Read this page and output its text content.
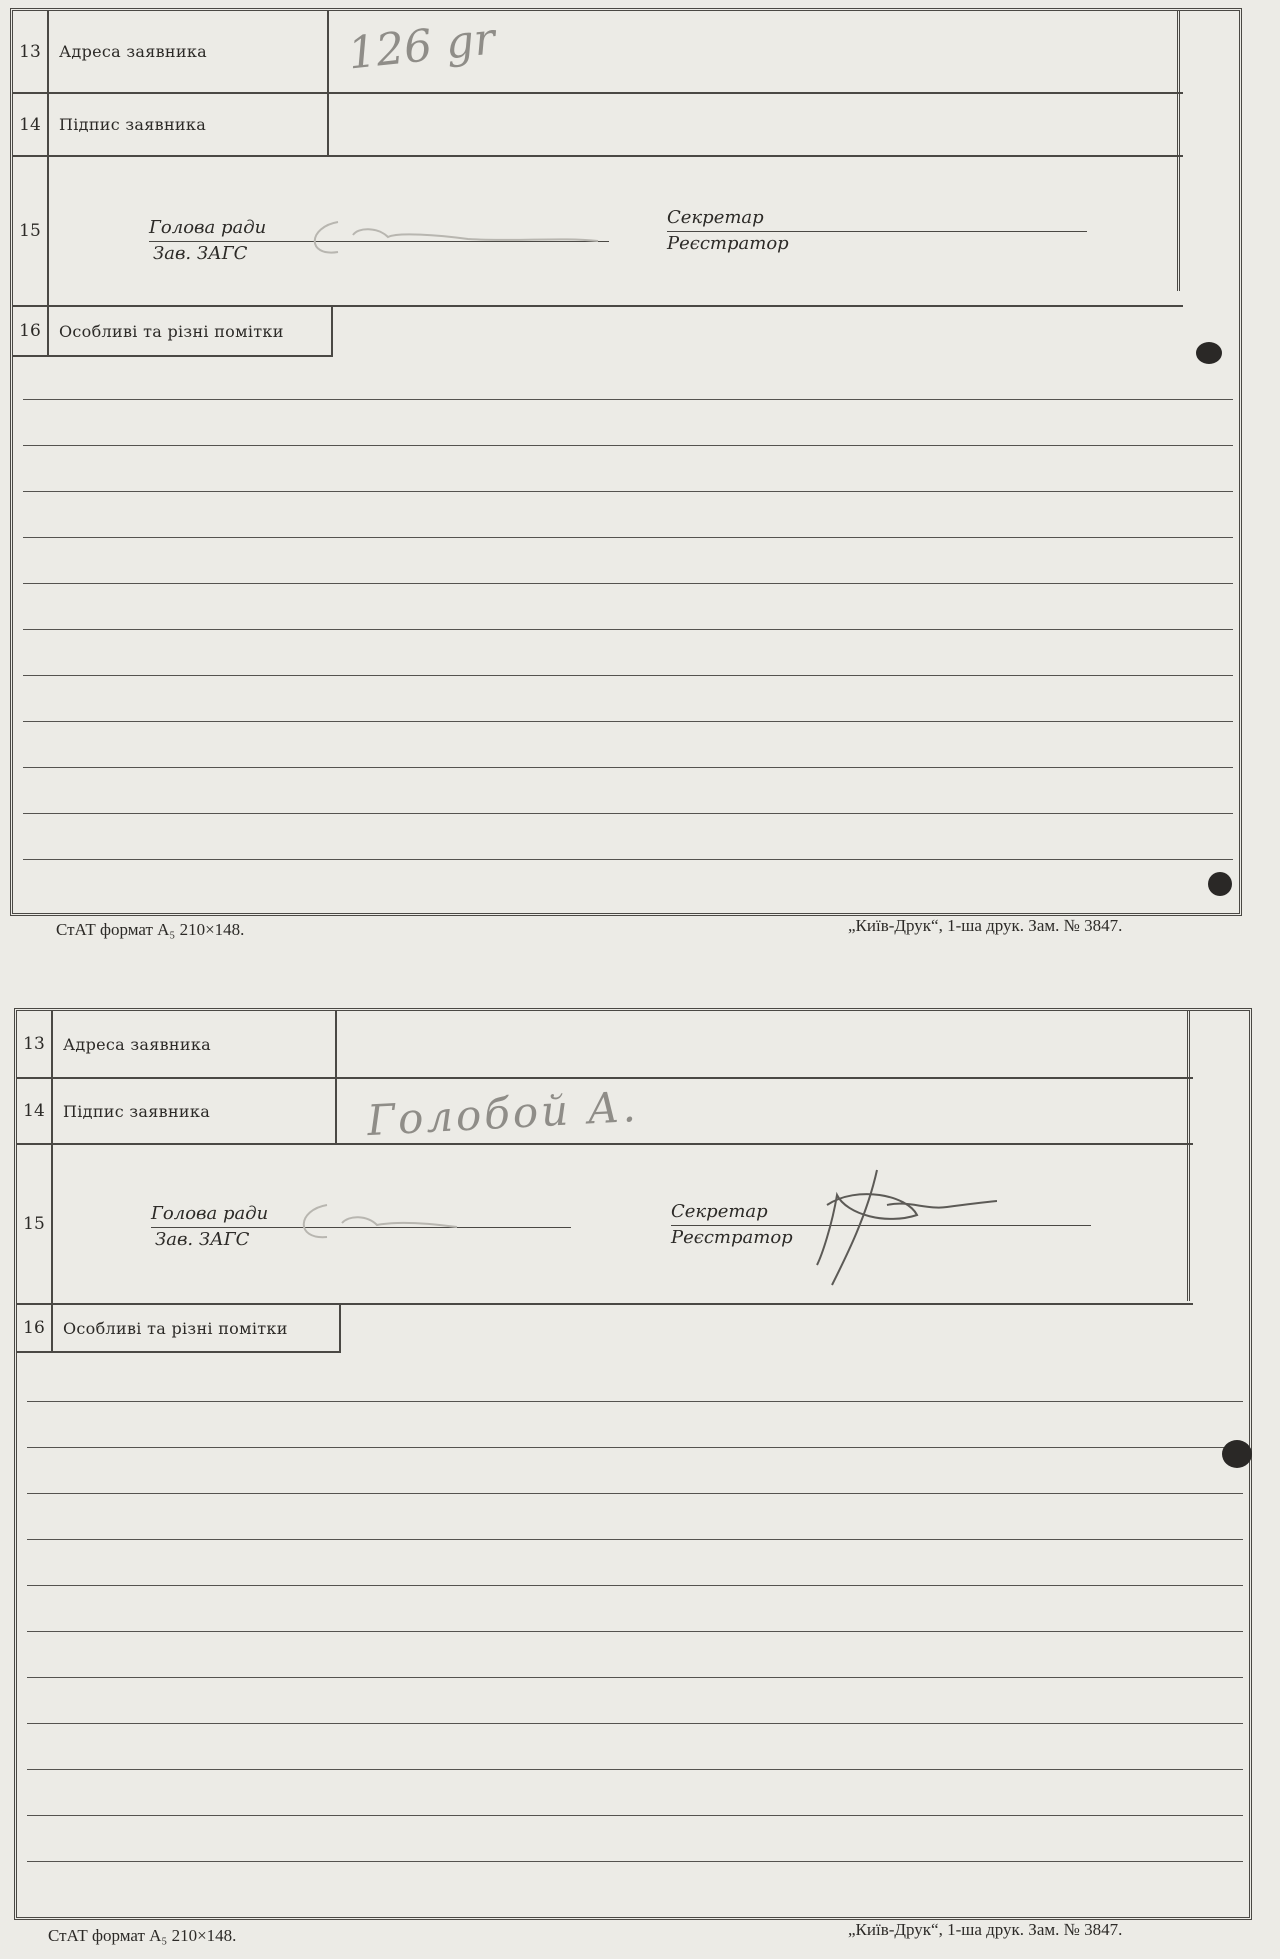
13	Адреса заявника	126 gr
14	Підпис заявника
15	Голова ради
Зав. ЗАГС
Секретар
Реєстратор
16	Особливі та різні помітки
СтАТ формат А₅ 210×148.	„Київ-Друк“, 1-ша друк. Зам. № 3847.
13	Адреса заявника
14	Підпис заявника	Голобой А.
15	Голова ради
Зав. ЗАГС
Секретар
Реєстратор
16	Особливі та різні помітки
СтАТ формат А₅ 210×148.	„Київ-Друк“, 1-ша друк. Зам. № 3847.
